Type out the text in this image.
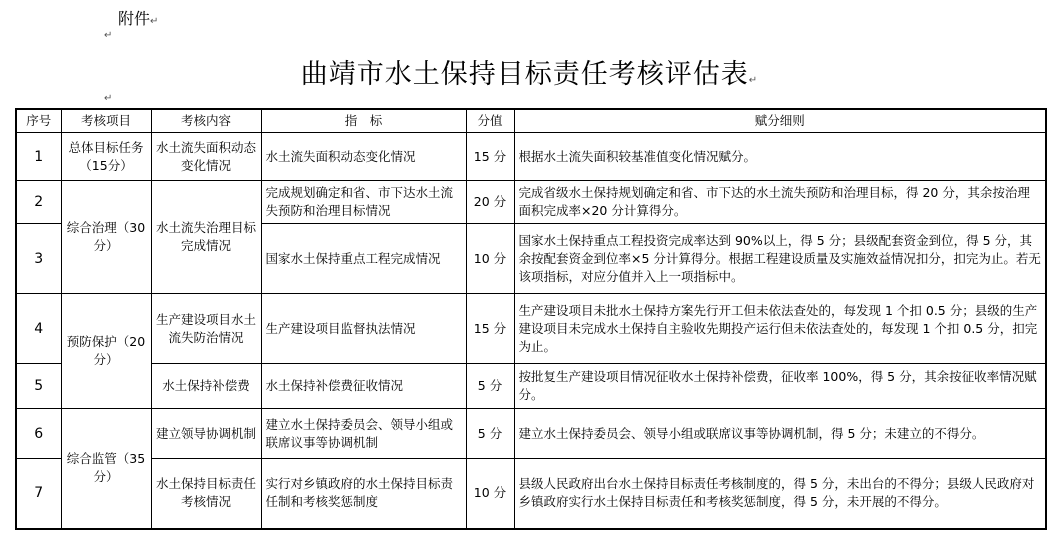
附件↵
↵
曲靖市水土保持目标责任考核评估表↵
↵
序号	考核项目	考核内容	指　标	分值	赋分细则
1	总体目标任务（15分）	水土流失面积动态变化情况	水土流失面积动态变化情况	15 分	根据水土流失面积较基准值变化情况赋分。
2	综合治理（30分）	水土流失治理目标完成情况	完成规划确定和省、市下达水土流失预防和治理目标情况	20 分	完成省级水土保持规划确定和省、市下达的水土流失预防和治理目标，得 20 分，其余按治理面积完成率×20 分计算得分。
3			国家水土保持重点工程完成情况	10 分	国家水土保持重点工程投资完成率达到 90%以上，得 5 分；县级配套资金到位，得 5 分，其余按配套资金到位率×5 分计算得分。根据工程建设质量及实施效益情况扣分，扣完为止。若无该项指标，对应分值并入上一项指标中。
4	预防保护（20分）	生产建设项目水土流失防治情况	生产建设项目监督执法情况	15 分	生产建设项目未批水土保持方案先行开工但未依法查处的，每发现 1 个扣 0.5 分；县级的生产建设项目未完成水土保持自主验收先期投产运行但未依法查处的，每发现 1 个扣 0.5 分，扣完为止。
5		水土保持补偿费	水土保持补偿费征收情况	5 分	按批复生产建设项目情况征收水土保持补偿费，征收率 100%，得 5 分，其余按征收率情况赋分。
6	综合监管（35分）	建立领导协调机制	建立水土保持委员会、领导小组或联席议事等协调机制	5 分	建立水土保持委员会、领导小组或联席议事等协调机制，得 5 分；未建立的不得分。
7		水土保持目标责任考核情况	实行对乡镇政府的水土保持目标责任制和考核奖惩制度	10 分	县级人民政府出台水土保持目标责任考核制度的，得 5 分，未出台的不得分；县级人民政府对乡镇政府实行水土保持目标责任和考核奖惩制度，得 5 分，未开展的不得分。
